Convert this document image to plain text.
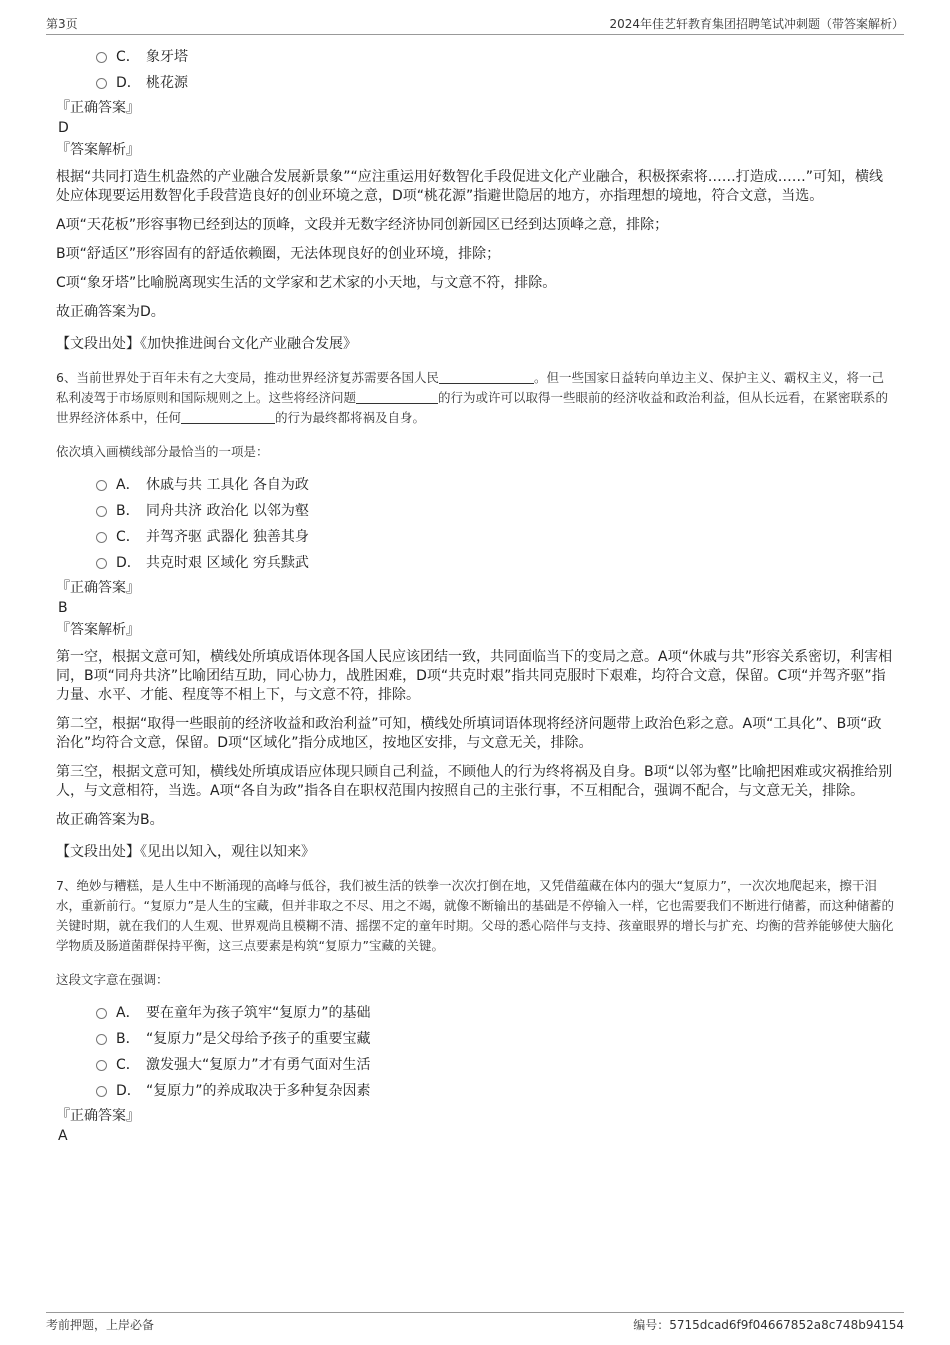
第3页	2024年佳艺轩教育集团招聘笔试冲刺题（带答案解析）
C． 象牙塔
D． 桃花源
『正确答案』
D
『答案解析』

根据“共同打造生机盎然的产业融合发展新景象”“应注重运用好数智化手段促进文化产业融合，积极探索将……打造成……”可知，横线处应体现要运用数智化手段营造良好的创业环境之意，D项“桃花源”指避世隐居的地方，亦指理想的境地，符合文意，当选。

A项“天花板”形容事物已经到达的顶峰，文段并无数字经济协同创新园区已经到达顶峰之意，排除；

B项“舒适区”形容固有的舒适依赖圈，无法体现良好的创业环境，排除；

C项“象牙塔”比喻脱离现实生活的文学家和艺术家的小天地，与文意不符，排除。

故正确答案为D。

【文段出处】《加快推进闽台文化产业融合发展》
6、当前世界处于百年未有之大变局，推动世界经济复苏需要各国人民	。但一些国家日益转向单边主义、保护主义、霸权主义，将一己私利凌驾于市场原则和国际规则之上。这些将经济问题	的行为或许可以取得一些眼前的经济收益和政治利益，但从长远看，在紧密联系的世界经济体系中，任何	的行为最终都将祸及自身。
依次填入画横线部分最恰当的一项是：
A． 休戚与共 工具化 各自为政
B． 同舟共济 政治化 以邻为壑
C． 并驾齐驱 武器化 独善其身
D． 共克时艰 区域化 穷兵黩武
『正确答案』
B
『答案解析』

第一空，根据文意可知，横线处所填成语体现各国人民应该团结一致，共同面临当下的变局之意。A项“休戚与共”形容关系密切，利害相同，B项“同舟共济”比喻团结互助，同心协力，战胜困难，D项“共克时艰”指共同克服时下艰难，均符合文意，保留。C项“并驾齐驱”指力量、水平、才能、程度等不相上下，与文意不符，排除。

第二空，根据“取得一些眼前的经济收益和政治利益”可知，横线处所填词语体现将经济问题带上政治色彩之意。A项“工具化”、B项“政治化”均符合文意，保留。D项“区域化”指分成地区，按地区安排，与文意无关，排除。

第三空，根据文意可知，横线处所填成语应体现只顾自己利益，不顾他人的行为终将祸及自身。B项“以邻为壑”比喻把困难或灾祸推给别人，与文意相符，当选。A项“各自为政”指各自在职权范围内按照自己的主张行事，不互相配合，强调不配合，与文意无关，排除。

故正确答案为B。

【文段出处】《见出以知入，观往以知来》
7、绝妙与糟糕，是人生中不断涌现的高峰与低谷，我们被生活的铁拳一次次打倒在地，又凭借蕴藏在体内的强大“复原力”，一次次地爬起来，擦干泪水，重新前行。“复原力”是人生的宝藏，但并非取之不尽、用之不竭，就像不断输出的基础是不停输入一样，它也需要我们不断进行储蓄，而这种储蓄的关键时期，就在我们的人生观、世界观尚且模糊不清、摇摆不定的童年时期。父母的悉心陪伴与支持、孩童眼界的增长与扩充、均衡的营养能够使大脑化学物质及肠道菌群保持平衡，这三点要素是构筑“复原力”宝藏的关键。
这段文字意在强调：
A． 要在童年为孩子筑牢“复原力”的基础
B． “复原力”是父母给予孩子的重要宝藏
C． 激发强大“复原力”才有勇气面对生活
D． “复原力”的养成取决于多种复杂因素
『正确答案』
A
考前押题，上岸必备	编号：5715dcad6f9f04667852a8c748b94154
